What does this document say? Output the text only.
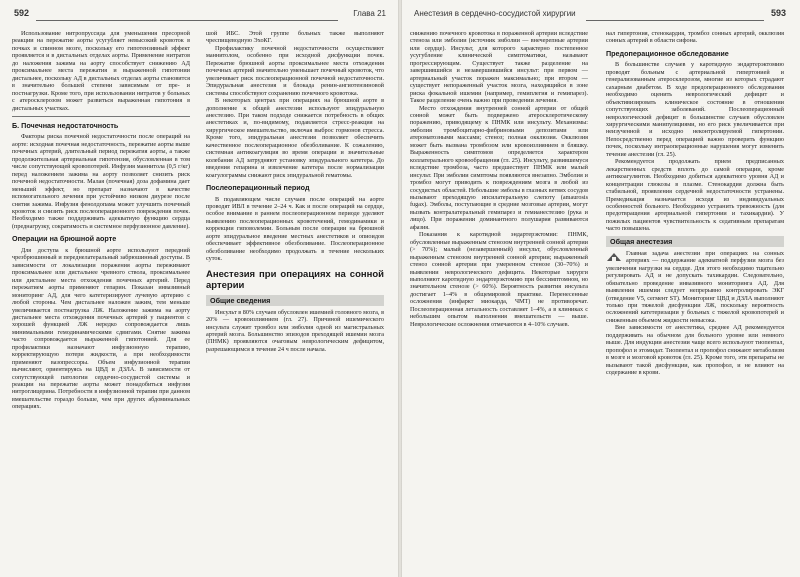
592	Глава 21

Использование нитропруссида для уменьшения пресорной реакции на пережатие аорты усугубляет невысокий кровоток в почках и спинном мозге, поскольку его гипотензивный эффект проявляется и в дистальных отделах аорты. Применение нитратов до наложения зажима на аорту способствует снижению АД проксимальнее места пережатия и выраженной гипотонии дистальнее, поскольку АД в дистальных отделах аорты становится в значительно большей степени зависимым от пре- и постнагрузки. Кроме того, при использовании нитратов у больных с атеросклерозом может развиться выраженная гипотония в дистальных участках.

Б. Почечная недостаточность

Факторы риска почечной недостаточности после операций на аорте: исходная почечная недостаточность, пережатие аорты выше почечных артерий, длительный период пережатия аорты, а также продолжительная артериальная гипотензия, обусловленная в том числе сопутствующей кровопотерей. Инфузия маннитола (0,5 г/кг) перед наложением зажима на аорту позволяет снизить риск почечной недостаточности. Малая (почечная) доза дофамина дает меньший эффект, но препарат назначают в качестве вспомогательного лечения при устойчиво низком диурезе после снятия зажима. Инфузия фенолдопама может улучшить почечный кровоток и снизить риск послеоперационного повреждения почек. Необходимо также поддерживать адекватную функцию сердца (преднагрузку, сократимость и системное перфузионное давление).

Операции на брюшной аорте

Для доступа к брюшной аорте используют передний чрезбрюшинный и переднелатеральный забрюшинный доступы. В зависимости от локализации поражения аорты пережимают проксимальнее или дистальнее чревного ствола, проксимальнее или дистальнее места отхождения почечных артерий. Перед пережатием аорты применяют гепарин. Показан инвазивный мониторинг АД, для чего катетеризируют лучевую артерию с любой стороны. Чем дистальнее наложен зажим, тем меньше увеличивается постнагрузка ЛЖ. Наложение зажима на аорту дистальнее места отхождения почечных артерий у пациентов с хорошей функцией ЛЖ нередко сопровождается лишь минимальными гемодинамическими сдвигами. Снятие зажима часто сопровождается выраженной гипотонией. Для ее профилактики назначают инфузионную терапию, корректирующую потери жидкости, а при необходимости применяют вазопрессоры. Объем инфузионной терапии вычисляют, ориентируясь на ЦВД и ДЗЛА. В зависимости от сопутствующей патологии сердечно-сосудистой системы и реакции на пережатие аорты может понадобиться инфузия нитроглицерина. Потребности в инфузионной терапии при данном вмешательстве гораздо больше, чем при других абдоминальных операциях.

шой ИБС. Этой группе больных также выполняют чреспищеводную ЭхоКГ.

Профилактику почечной недостаточности осуществляют маннитолом, особенно при исходной дисфункции почек. Пережатие брюшной аорты проксимальнее места отхождения почечных артерий значительно уменьшает почечный кровоток, что увеличивает риск послеоперационной почечной недостаточности. Эпидуральная анестезия и блокада ренин-ангиотензиновой системы способствуют сохранению почечного кровотока.

В некоторых центрах при операциях на брюшной аорте в дополнение к общей анестезии используют эпидуральную анестезию. При таком подходе снижается потребность в общих анестетиках и, по-видимому, подавляется стресс-реакция на хирургическое вмешательство, включая выброс гормонов стресса. Кроме того, эпидуральная анестезия позволяет обеспечить качественное послеоперационное обезболивание. К сожалению, системная антикоагуляция во время операции и значительные колебания АД затрудняют установку эпидурального катетера. До введения гепарина и извлечение катетера после нормализации коагулограммы снижают риск эпидуральной гематомы.

Послеоперационный период

В подавляющем числе случаев после операций на аорте проводят ИВЛ в течение 2–24 ч. Как и после операций на сердце, особое внимание в раннем послеоперационном периоде уделяют выявлению послеоперационных кровотечений, гемодинамики и коррекции гиповолемии. Больным после операции на брюшной аорте эпидуральное введение местных анестетиков и опиоидов обеспечивает эффективное обезболивание. Послеоперационное обезболивание необходимо продолжать в течение нескольких суток.

Анестезия при операциях на сонной артерии
Общие сведения

Инсульт в 80% случаев обусловлен ишемией головного мозга, в 20% — кровоизлиянием (гл. 27). Причиной ишемического инсульта служит тромбоз или эмболия одной из магистральных артерий мозга. Большинство эпизодов преходящей ишемии мозга (ПНМК) проявляются очаговым неврологическим дефицитом, разрешающимся в течение 24 ч после начала.

Анестезия в сердечно-сосудистой хирургии	593

снижению почечного кровотока в пораженной артерии вследствие стеноза или эмболии (источник эмболии — внечерепные артерии или сердце). Инсульт, для которого характерно постепенное усугубление клинической симптоматики, называют прогрессирующим. Существует также разделение на завершившийся и незавершившийся инсульт: при первом — артериальный участок поражен максимально; при втором — существует непораженный участок мозга, находящийся в зоне риска фокальной ишемии (например, гемиплегия и гемипарез). Такое разделение очень важно при проведении лечения.

Место отхождения внутренней сонной артерии от общей сонной может быть подвержено атеросклеротическому поражению, приводящему к ПНМК или инсульту. Механизмы: эмболия тромбоцитарно-фибриновыми депозитами или атероматозными массами; стеноз; полная окклюзия. Окклюзия может быть вызвана тромбозом или кровоизлиянием в бляшку. Выраженность симптомов определяется характером коллатерального кровообращения (гл. 25). Инсульту, развившемуся вследствие тромбоза, часто предшествует ПНМК или малый инсульт. При эмболии симптомы появляются внезапно. Эмболия и тромбоз могут приводить к повреждениям мозга в любой из сосудистых областей. Небольшие эмболы в глазных ветвях сосудов вызывают преходящую ипсилатеральную слепоту (amaurosis fugax). Эмболы, поступающие в средние мозговые артерии, могут вызвать контралатеральный гемипарез и гемианестезию (рука и лицо). При поражении доминантного полушария развиваются афазия.

Показания к каротидной эндартерэктомии: ПНМК, обусловленные выраженным стенозом внутренней сонной артерии (> 70%); малый (незавершенный) инсульт, обусловленный выраженным стенозом внутренней сонной артерии; выраженный стеноз сонной артерии при умеренном стенозе (30–70%) и выявлении неврологического дефицита. Некоторые хирурги выполняют каротидную эндартерэктомию при бессимптомном, но значительном стенозе (> 60%). Вероятность развития инсульта достигает 1–4% в общемировой практике. Перенесенные осложнения (инфаркт миокарда, ЧМТ) не противоречат. Послеоперационная летальность составляет 1–4%, а в клиниках с небольшим опытом выполнения вмешательств — выше. Неврологические осложнения отмечаются в 4–10% случаев.

нал гипертония, стенокардия, тромбоз сонных артерий, окклюзия сонных артерий в области сифона.

Предоперационное обследование

В большинстве случаев у каротидную эндартерэктомию проводят больным с артериальной гипертонией и генерализованным атеросклерозом, многие из которых страдают сахарным диабетом. В ходе предоперационного обследования необходимо оценить неврологический дефицит и объективизировать клиническое состояние в отношении сопутствующих заболеваний. Послеоперационный неврологический дефицит в большинстве случаев обусловлен хирургическими манипуляциями, но его риск увеличивается при неизученной и исходно неконтролируемой гипертонии. Непосредственно перед операцией важно проверить функцию почек, поскольку интраоперационные нарушения могут изменить течение анестезии (гл. 25).

Рекомендуется продолжать прием предписанных лекарственных средств вплоть до самой операции, кроме антикоагулянтов. Необходимо добиться адекватного уровня АД и концентрации глюкозы в плазме. Стенокардия должна быть стабильной, проявления сердечной недостаточности устранены. Премедикация назначается исходя из индивидуальных особенностей больного. Необходимо устранить тревожность (для предотвращения артериальной гипертонии и тахикардии). У пожилых пациентов чувствительность к седативным препаратам часто повышена.

Общая анестезия

Главная задача анестезии при операциях на сонных артериях — поддержание адекватной перфузии мозга без увеличения нагрузки на сердце. Для этого необходимо тщательно регулировать АД и не допускать тахикардии. Следовательно, обязательно проведение инвазивного мониторинга АД. Для выявления ишемии следует непрерывно контролировать ЭКГ (отведение V5, сегмент ST). Мониторинг ЦВД и ДЗЛА выполняют только при тяжелой дисфункции ЛЖ, поскольку вероятность осложнений катетеризации у больных с тяжелой кровопотерей и сниженным объемом жидкости невысока.

Вне зависимости от анестетика, среднее АД рекомендуется поддерживать на обычном для больного уровне или немного выше. Для индукции анестезии чаще всего используют тиопентал, пропофол и этомидат. Тиопентал и пропофол снижают метаболизм в мозге и мозговой кровоток (гл. 25). Кроме того, эти препараты не вызывают такой дисфункции, как пропофол, и не влияют на содержание в крови.
